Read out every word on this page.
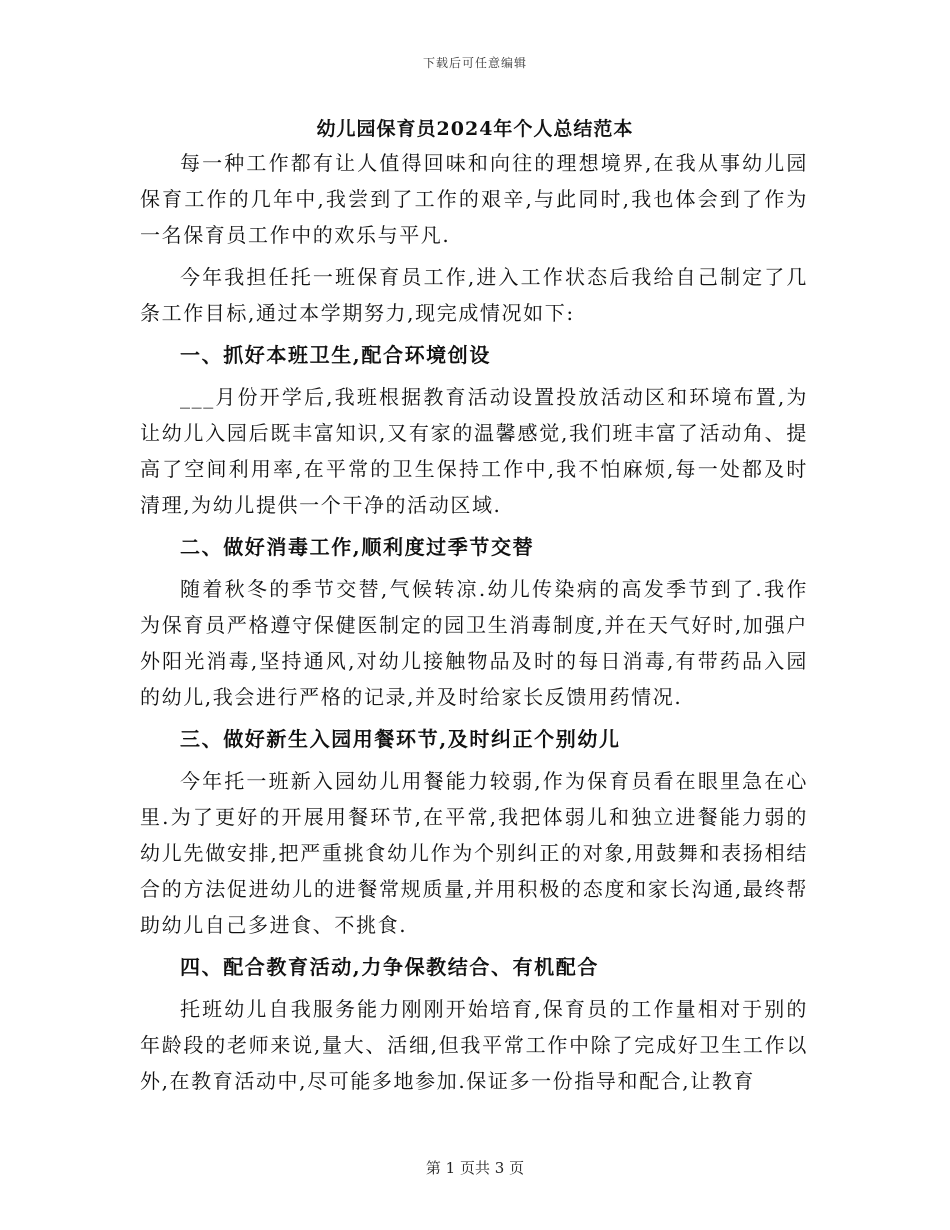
下载后可任意编辑
幼儿园保育员2024年个人总结范本

每一种工作都有让人值得回味和向往的理想境界,在我从事幼儿园保育工作的几年中,我尝到了工作的艰辛,与此同时,我也体会到了作为一名保育员工作中的欢乐与平凡.

今年我担任托一班保育员工作,进入工作状态后我给自己制定了几条工作目标,通过本学期努力,现完成情况如下:

一、抓好本班卫生,配合环境创设

___月份开学后,我班根据教育活动设置投放活动区和环境布置,为让幼儿入园后既丰富知识,又有家的温馨感觉,我们班丰富了活动角、提高了空间利用率,在平常的卫生保持工作中,我不怕麻烦,每一处都及时清理,为幼儿提供一个干净的活动区域.

二、做好消毒工作,顺利度过季节交替

随着秋冬的季节交替,气候转凉.幼儿传染病的高发季节到了.我作为保育员严格遵守保健医制定的园卫生消毒制度,并在天气好时,加强户外阳光消毒,坚持通风,对幼儿接触物品及时的每日消毒,有带药品入园的幼儿,我会进行严格的记录,并及时给家长反馈用药情况.

三、做好新生入园用餐环节,及时纠正个别幼儿

今年托一班新入园幼儿用餐能力较弱,作为保育员看在眼里急在心里.为了更好的开展用餐环节,在平常,我把体弱儿和独立进餐能力弱的幼儿先做安排,把严重挑食幼儿作为个别纠正的对象,用鼓舞和表扬相结合的方法促进幼儿的进餐常规质量,并用积极的态度和家长沟通,最终帮助幼儿自己多进食、不挑食.

四、配合教育活动,力争保教结合、有机配合

托班幼儿自我服务能力刚刚开始培育,保育员的工作量相对于别的年龄段的老师来说,量大、活细,但我平常工作中除了完成好卫生工作以外,在教育活动中,尽可能多地参加.保证多一份指导和配合,让教育

第 1 页共 3 页
